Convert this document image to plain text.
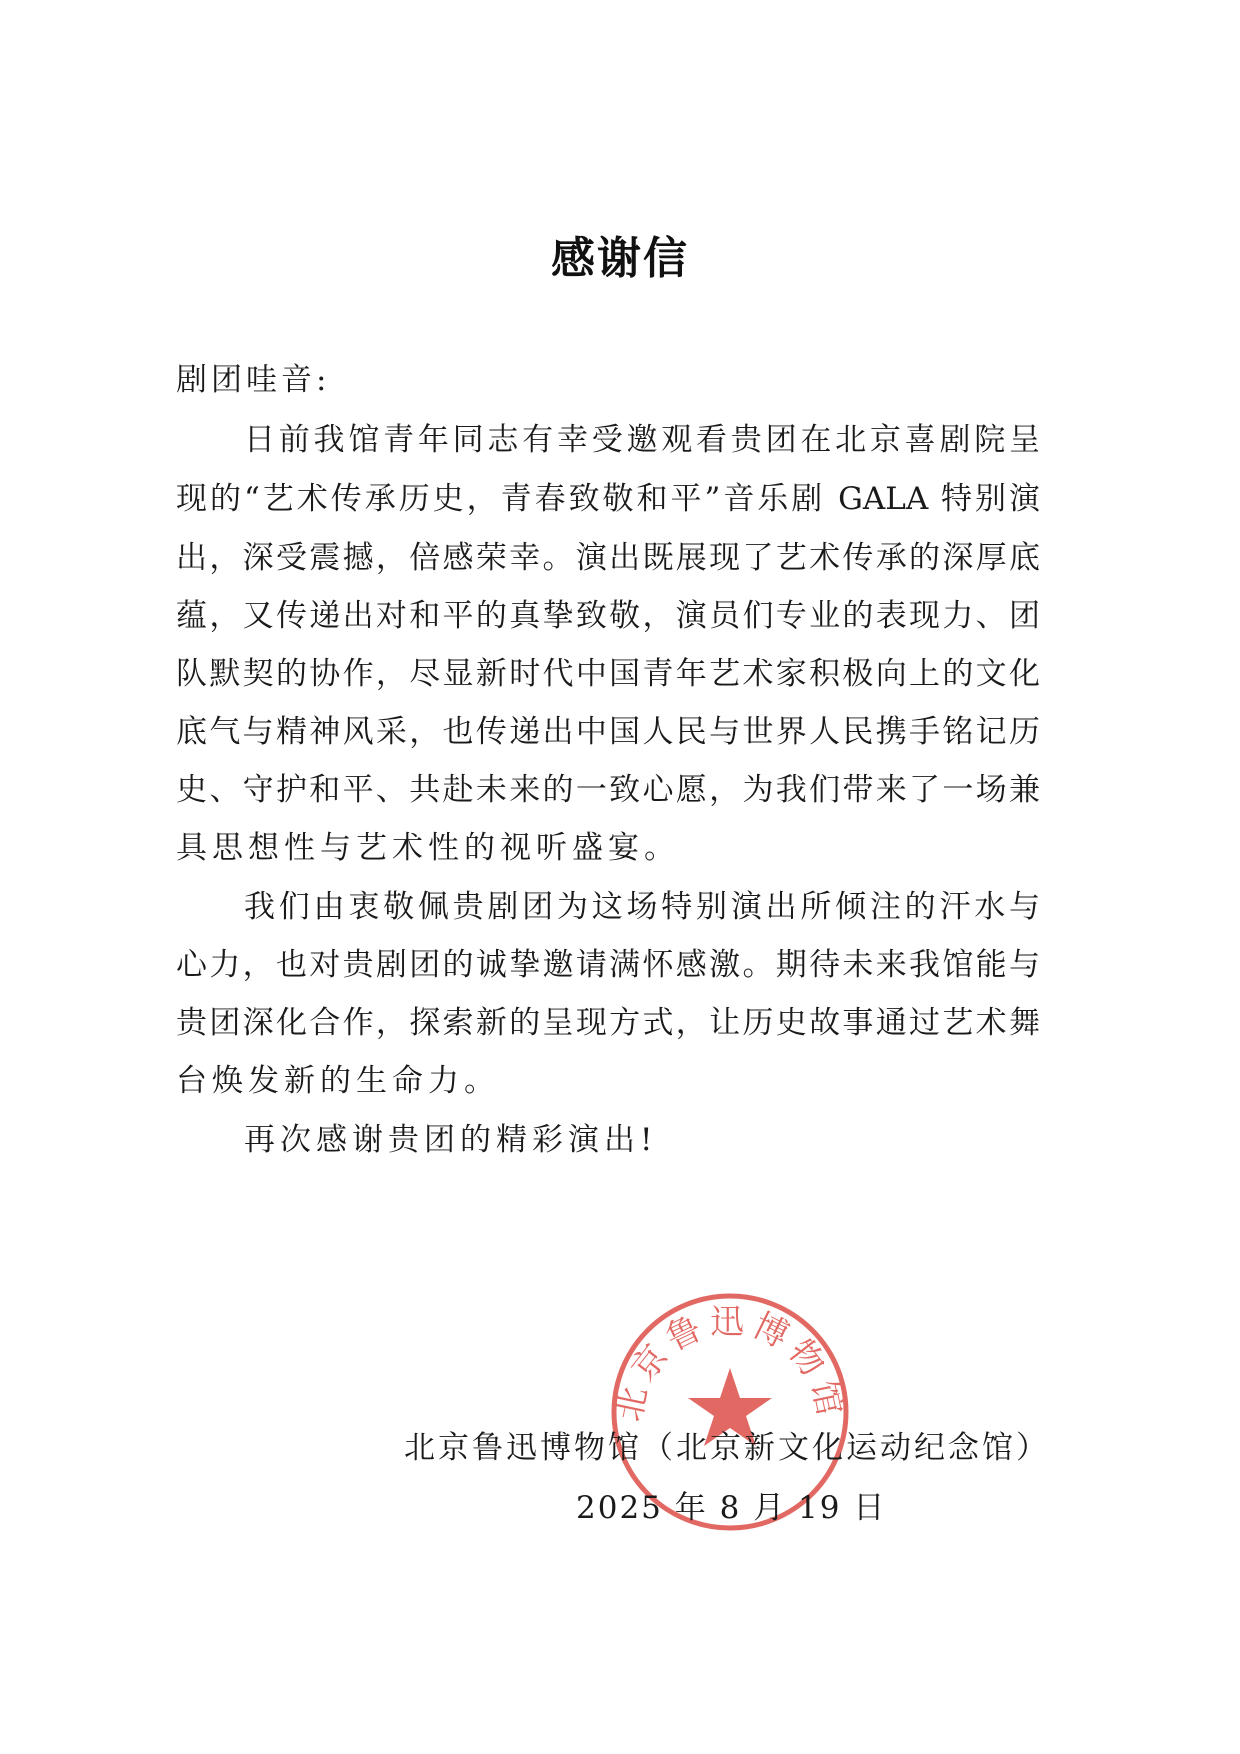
感谢信
剧团哇音:
日前我馆青年同志有幸受邀观看贵团在北京喜剧院呈
现的“艺术传承历史，青春致敬和平”音乐剧 GALA 特别演
出，深受震撼，倍感荣幸。演出既展现了艺术传承的深厚底
蕴，又传递出对和平的真挚致敬，演员们专业的表现力、团
队默契的协作，尽显新时代中国青年艺术家积极向上的文化
底气与精神风采，也传递出中国人民与世界人民携手铭记历
史、守护和平、共赴未来的一致心愿，为我们带来了一场兼
具思想性与艺术性的视听盛宴。
我们由衷敬佩贵剧团为这场特别演出所倾注的汗水与
心力，也对贵剧团的诚挚邀请满怀感激。期待未来我馆能与
贵团深化合作，探索新的呈现方式，让历史故事通过艺术舞
台焕发新的生命力。
再次感谢贵团的精彩演出!
北京鲁迅博物馆
北京鲁迅博物馆（北京新文化运动纪念馆）
2025 年 8 月 19 日
